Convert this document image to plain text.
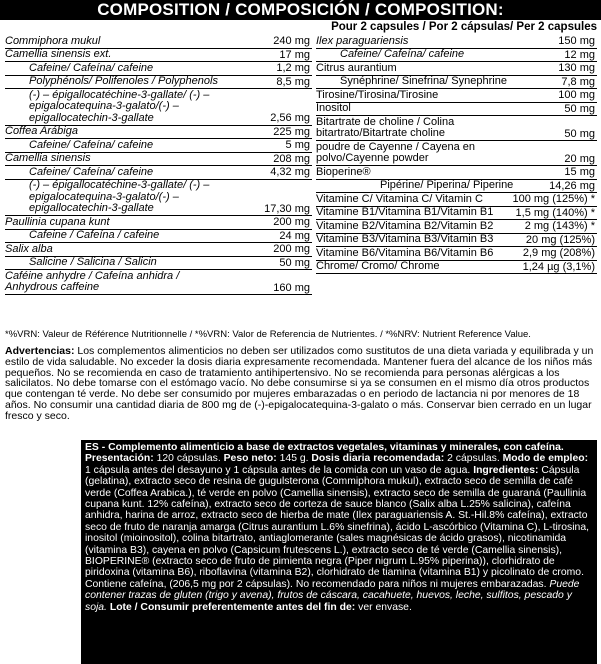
COMPOSITION / COMPOSICIÓN / COMPOSITION:
Pour 2 capsules / Por 2 cápsulas/ Per 2 capsules
Commiphora mukul	240 mg
Camellia sinensis ext.	17 mg
Cafeine/ Cafeína/ cafeine	1,2 mg
Polyphénols/ Polifenoles / Polyphenols	8,5 mg
(-) – épigallocatéchine-3-gallate/ (-) – epigalocatequina-3-galato/(-) – epigallocatechin-3-gallate	2,56 mg
Coffea Arábiga	225 mg
Cafeine/ Cafeína/ cafeine	5 mg
Camellia sinensis	208 mg
Cafeine/ Cafeína/ cafeine	4,32 mg
(-) – épigallocatéchine-3-gallate/ (-) – epigalocatequina-3-galato/(-) – epigallocatechin-3-gallate	17,30 mg
Paullinia cupana kunt	200 mg
Cafeine / Cafeína / cafeine	24 mg
Salix alba	200 mg
Salicine / Salicina / Salicin	50 mg
Caféine anhydre / Cafeína anhidra / Anhydrous caffeine	160 mg
Ilex paraguariensis	150 mg
Cafeine/ Cafeína/ cafeine	12 mg
Citrus aurantium	130 mg
Synéphrine/ Sinefrina/ Synephrine	7,8 mg
Tirosine/Tirosina/Tirosine	100 mg
Inositol	50 mg
Bitartrate de choline / Colina bitartrato/Bitartrate choline	50 mg
poudre de Cayenne / Cayena en polvo/Cayenne powder	20 mg
Bioperine®	15 mg
Pipérine/ Piperina/ Piperine	14,26 mg
Vitamine C/ Vitamina C/ Vitamin C	100 mg (125%) *
Vitamine B1/Vitamina B1/Vitamin B1	1,5 mg (140%) *
Vitamine B2/Vitamina B2/Vitamin B2	2 mg (143%) *
Vitamine B3/Vitamina B3/Vitamin B3	20 mg (125%)
Vitamine B6/Vitamina B6/Vitamin B6	2,9 mg (208%)
Chrome/ Cromo/ Chrome	1,24 µg (3,1%)
*%VRN: Valeur de Référence Nutritionnelle / *%VRN: Valor de Referencia de Nutrientes. / *%NRV: Nutrient Reference Value.
Advertencias: Los complementos alimenticios no deben ser utilizados como sustitutos de una dieta variada y equilibrada y un estilo de vida saludable. No exceder la dosis diaria expresamente recomendada. Mantener fuera del alcance de los niños más pequeños. No se recomienda en caso de tratamiento antihipertensivo. No se recomienda para personas alérgicas a los salicilatos. No debe tomarse con el estómago vacío. No debe consumirse si ya se consumen en el mismo día otros productos que contengan té verde. No debe ser consumido por mujeres embarazadas o en periodo de lactancia ni por menores de 18 años. No consumir una cantidad diaria de 800 mg de (-)-epigalocatequina-3-galato o más. Conservar bien cerrado en un lugar fresco y seco.
ES - Complemento alimenticio a base de extractos vegetales, vitaminas y minerales, con cafeína. Presentación: 120 cápsulas. Peso neto: 145 g. Dosis diaria recomendada: 2 cápsulas. Modo de empleo: 1 cápsula antes del desayuno y 1 cápsula antes de la comida con un vaso de agua. Ingredientes: Cápsula (gelatina), extracto seco de resina de gugulsterona (Commiphora mukul), extracto seco de semilla de café verde (Coffea Arabica.), té verde en polvo (Camellia sinensis), extracto seco de semilla de guaraná (Paullinia cupana kunt. 12% cafeína), extracto seco de corteza de sauce blanco (Salix alba L.25% salicina), cafeína anhidra, harina de arroz, extracto seco de hierba de mate (Ilex paraguariensis A. St.-Hil.8% cafeína), extracto seco de fruto de naranja amarga (Citrus aurantium L.6% sinefrina), ácido L-ascórbico (Vitamina C), L-tirosina, inositol (mioinositol), colina bitartrato, antiaglomerante (sales magnésicas de ácido grasos), nicotinamida (vitamina B3), cayena en polvo (Capsicum frutescens L.), extracto seco de té verde (Camellia sinensis), BIOPERINE® (extracto seco de fruto de pimienta negra (Piper nigrum L.95% piperina)), clorhidrato de piridoxina (vitamina B6), riboflavina (vitamina B2), clorhidrato de tiamina (vitamina B1) y picolinato de cromo. Contiene cafeína, (206,5 mg por 2 cápsulas). No recomendado para niños ni mujeres embarazadas. Puede contener trazas de gluten (trigo y avena), frutos de cáscara, cacahuete, huevos, leche, sulfitos, pescado y soja. Lote / Consumir preferentemente antes del fin de: ver envase.
